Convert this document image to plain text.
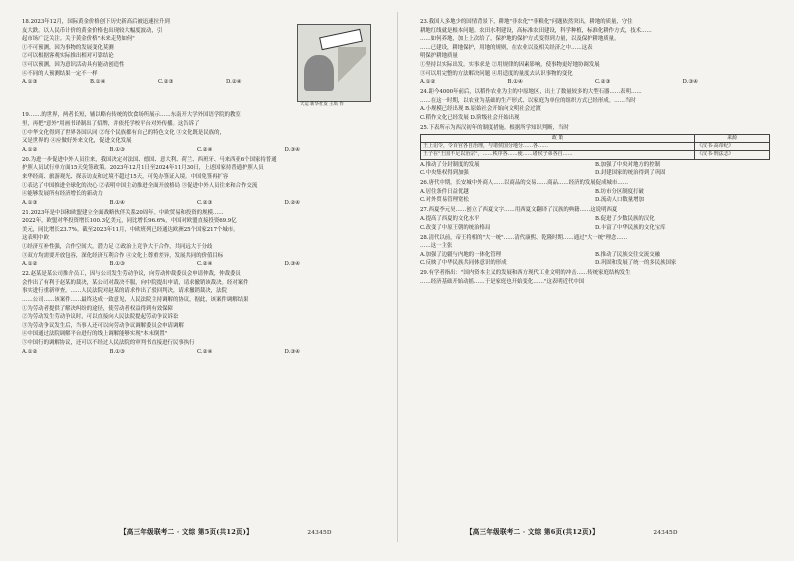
天运 新华社发 王琪 作
18.2023年12月，国际黄金价格创下历史新高后被迅速拉升到
友大跌。以人民币计价的黄金价格也出现较大幅度波动，引
起市场广泛关注。关于黄金价格"未来走势如何"
①不可预测，因为事物的发展变化莫测
②可以根据客观实际推出相对可靠结论
③可以预测，因为意识活动具有能动创造性
④不同的人预测结果一定不一样
A.①③	B.①④	C.②③	D.②④
19.……的世界，两者长短，辅以略有传统的饮食场所展示……东南开大学外国语学院的教室
里，再把"意外"用画书译制出了招牌，并依托学校平台对外传播。这告诉了
①中华文化得到了世界各国认同 ②每个民族都有自己的特色文化 ③文化既是民族的，
又是世界的 ④应做好外来文化，促进文化发展
A.①②	B.①③	C.②④	D.③④
20.为进一步促进中外人员往来，我国决定对法国、德国、意大利、荷兰、西班牙、马来西亚6个国家持普通
护照人员试行单方面15天免签政策。2023年12月1日至2024年11月30日，上述国家持普通护照人员
来华经商、旅游观光、探亲访友和过境不超过15天，可免办签证入境。中国免签再扩容
①表达了中国推进全球化的决心 ②表明中国主动推进全面开放格局 ③促进中外人员往来和合作交流
④能够发展所有经济增长的新动力
A.①③	B.①④	C.②③	D.②④
21.2023年是中国和欧盟建立全面战略伙伴关系20周年。中欧贸易和投资的规模……
2022年，欧盟对华投资增长100.3亿美元，同比增长96.6%，中国对欧盟直接投资69.9亿
美元，同比增长23.7%。截至2023年11月，中欧班列已经通达欧洲25个国家217个城市。
这表明中欧
①经济互补性强，合作空间大，潜力足 ②政治上竞争大于合作，共同远大于分歧
③双方均需要开放包容，深化经济互利合作 ④文化上尊重差异，发展共同的价值目标
A.①②	B.①③	C.②④	D.③④
22.赵某是某公司推介员工，因与公司发生劳动争议，向劳动仲裁委员会申请仲裁，仲裁委员
会作出了有利于赵某的裁决，某公司对裁决不服，向中院提出申请，请求撤销该裁决。经对案件
事实进行重新审查，……人民法院对赵某的请求作出了驳回判决，请求撤销裁决，法院
……公司……该案件……最终达成一致意见，人民法院主持调解的协议，据此，该案件调解结果
①为劳动者提供了解决纠纷的途径，使劳动者权益得到有效保障
②为劳动发生劳动争议时，可以直接向人民法院提起劳动争议诉讼
③为劳动争议发生后，当事人还可以向劳动争议调解委员会申请调解
④中国通过法院调解平台进行的线上调解能够实现"本末倒置"
⑤中国行的调解协议，还可以不经过人民法院的审判书直接进行民事执行
A.①②	B.①③	C.②④	D.③④
23.我国人多地少的国情背景下，耕地"非农化""非粮化"问题依然突出，耕地的质量，守住
耕地红线就是根本问题。农田水利建设，高标准农田建设，科学种植，标准化耕作方式，技术……
……如何养地，加上上次给了，保护地的保护方式变得到力量，以及保护耕地质量。
……已建设，耕地保护，用地的规则，在农业以及相关经济之中……这表
明保护耕地质量
①坚持以实际出发，实事求是 ②用规律的因素影响，使事物更好地协调发展
③可以用完整的方法解决问题 ④用适度的量度去认识事物的变化
A.①②	B.①④	C.②③	D.③④
24.距今4000年前后，以稻作农业为主的中原地区，出土了数量较多的大型石器……表明……
……在这一时期，以农业为基础的生产形式、以家庭为单位的组织方式已经形成。……当时
A.小规模已经出现 B.原始社会开始向文明社会过渡
C.稻作文化已经发展 D.阶级社会开始出现
25.下表所示为西汉初年的制度措施。根据所学知识判断，当时
政 策	来源
王上诏令，令百官各自治理，与诸侯国分地分……各……	《汉书·高帝纪》
王子在"王国不足以治宗"，……秩序各……使……诸侯子弟各自……	《汉书·刑法志》
A.推动了分封制度的发展	B.加强了中央对地方的控制
C.中央集权得到加强	D.封建国家的统治得到了巩固
26.唐代中期，长安城中外商人……以商品的交易……商品……经济的发展促成城市……
A.居住条件日益优越	B.坊市分区制度打破
C.对外贸易管理宽松	D.流动人口数量增加
27.西夏李元昊……创立了西夏文字……用西夏文翻译了汉族的典籍……这说明西夏
A.提高了西夏的文化水平	B.促进了少数民族的汉化
C.改变了中原王朝的统治格局	D.丰富了中华民族的文化宝库
28.清代以前，帝王将相的"大一统"……清代康熙、乾隆时期……通过"大一统"理念……
……这一主张
A.加强了边疆与内地的一体化管理	B.推动了民族交往交流交融
C.反映了中华民族共同体意识的形成	D.巩固和发展了统一的多民族国家
29.有学者指出："国内资本主义的发展和西方现代工业文明的冲击……传统家庭结构发生
……经济基础开始动摇……于是家庭也开始变化……"这表明近代中国
【高三年级联考二 · 文综 第5页(共12页)】	24345D	【高三年级联考二 · 文综 第6页(共12页)】	24345D
